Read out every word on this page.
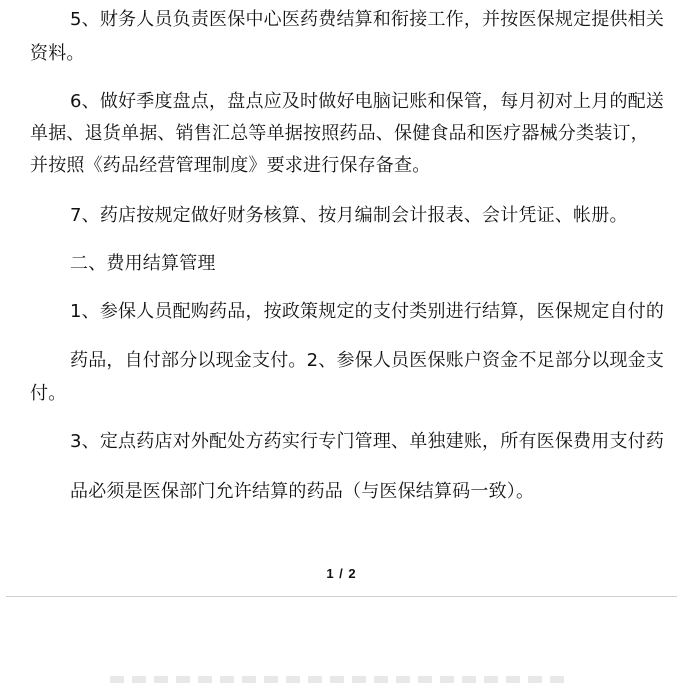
5、财务人员负责医保中心医药费结算和衔接工作，并按医保规定提供相关
资料。
6、做好季度盘点，盘点应及时做好电脑记账和保管，每月初对上月的配送
单据、退货单据、销售汇总等单据按照药品、保健食品和医疗器械分类装订，
并按照《药品经营管理制度》要求进行保存备查。
7、药店按规定做好财务核算、按月编制会计报表、会计凭证、帐册。
二、费用结算管理
1、参保人员配购药品，按政策规定的支付类别进行结算，医保规定自付的
药品，自付部分以现金支付。2、参保人员医保账户资金不足部分以现金支
付。
3、定点药店对外配处方药实行专门管理、单独建账，所有医保费用支付药
品必须是医保部门允许结算的药品（与医保结算码一致）。
1 / 2
